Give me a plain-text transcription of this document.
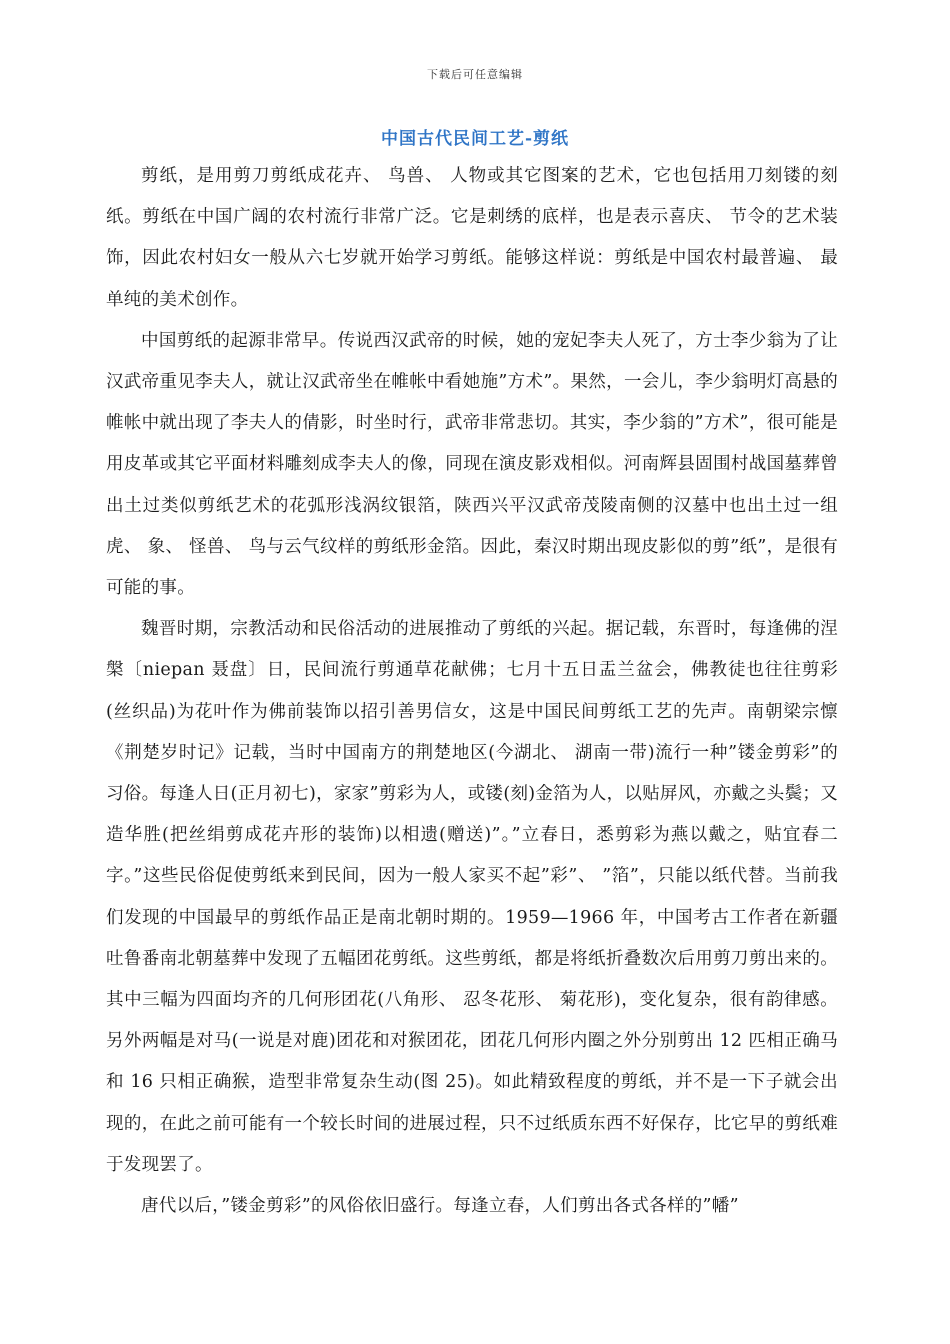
下载后可任意编辑
中国古代民间工艺-剪纸

剪纸，是用剪刀剪纸成花卉、 鸟兽、 人物或其它图案的艺术，它也包括用刀刻镂的刻纸。剪纸在中国广阔的农村流行非常广泛。它是刺绣的底样，也是表示喜庆、 节令的艺术装饰，因此农村妇女一般从六七岁就开始学习剪纸。能够这样说：剪纸是中国农村最普遍、 最单纯的美术创作。

中国剪纸的起源非常早。传说西汉武帝的时候，她的宠妃李夫人死了，方士李少翁为了让汉武帝重见李夫人，就让汉武帝坐在帷帐中看她施”方术”。果然，一会儿，李少翁明灯高悬的帷帐中就出现了李夫人的倩影，时坐时行，武帝非常悲切。其实，李少翁的”方术”，很可能是用皮革或其它平面材料雕刻成李夫人的像，同现在演皮影戏相似。河南辉县固围村战国墓葬曾出土过类似剪纸艺术的花弧形浅涡纹银箔，陕西兴平汉武帝茂陵南侧的汉墓中也出土过一组虎、 象、 怪兽、 鸟与云气纹样的剪纸形金箔。因此，秦汉时期出现皮影似的剪”纸”，是很有可能的事。

魏晋时期，宗教活动和民俗活动的进展推动了剪纸的兴起。据记载，东晋时，每逢佛的涅槃〔niepan 聂盘〕日，民间流行剪通草花献佛；七月十五日盂兰盆会，佛教徒也往往剪彩(丝织品)为花叶作为佛前装饰以招引善男信女，这是中国民间剪纸工艺的先声。南朝梁宗懔《荆楚岁时记》记载，当时中国南方的荆楚地区(今湖北、 湖南一带)流行一种”镂金剪彩”的习俗。每逢人日(正月初七)，家家”剪彩为人，或镂(刻)金箔为人，以贴屏风，亦戴之头鬓；又造华胜(把丝绢剪成花卉形的装饰)以相遗(赠送)”。”立春日，悉剪彩为燕以戴之，贴宜春二字。”这些民俗促使剪纸来到民间，因为一般人家买不起”彩”、 ”箔”，只能以纸代替。当前我们发现的中国最早的剪纸作品正是南北朝时期的。1959—1966 年，中国考古工作者在新疆吐鲁番南北朝墓葬中发现了五幅团花剪纸。这些剪纸，都是将纸折叠数次后用剪刀剪出来的。其中三幅为四面均齐的几何形团花(八角形、 忍冬花形、 菊花形)，变化复杂，很有韵律感。另外两幅是对马(一说是对鹿)团花和对猴团花，团花几何形内圈之外分别剪出 12 匹相正确马和 16 只相正确猴，造型非常复杂生动(图 25)。如此精致程度的剪纸，并不是一下子就会出现的，在此之前可能有一个较长时间的进展过程，只不过纸质东西不好保存，比它早的剪纸难于发现罢了。

唐代以后，”镂金剪彩”的风俗依旧盛行。每逢立春，人们剪出各式各样的”幡”
